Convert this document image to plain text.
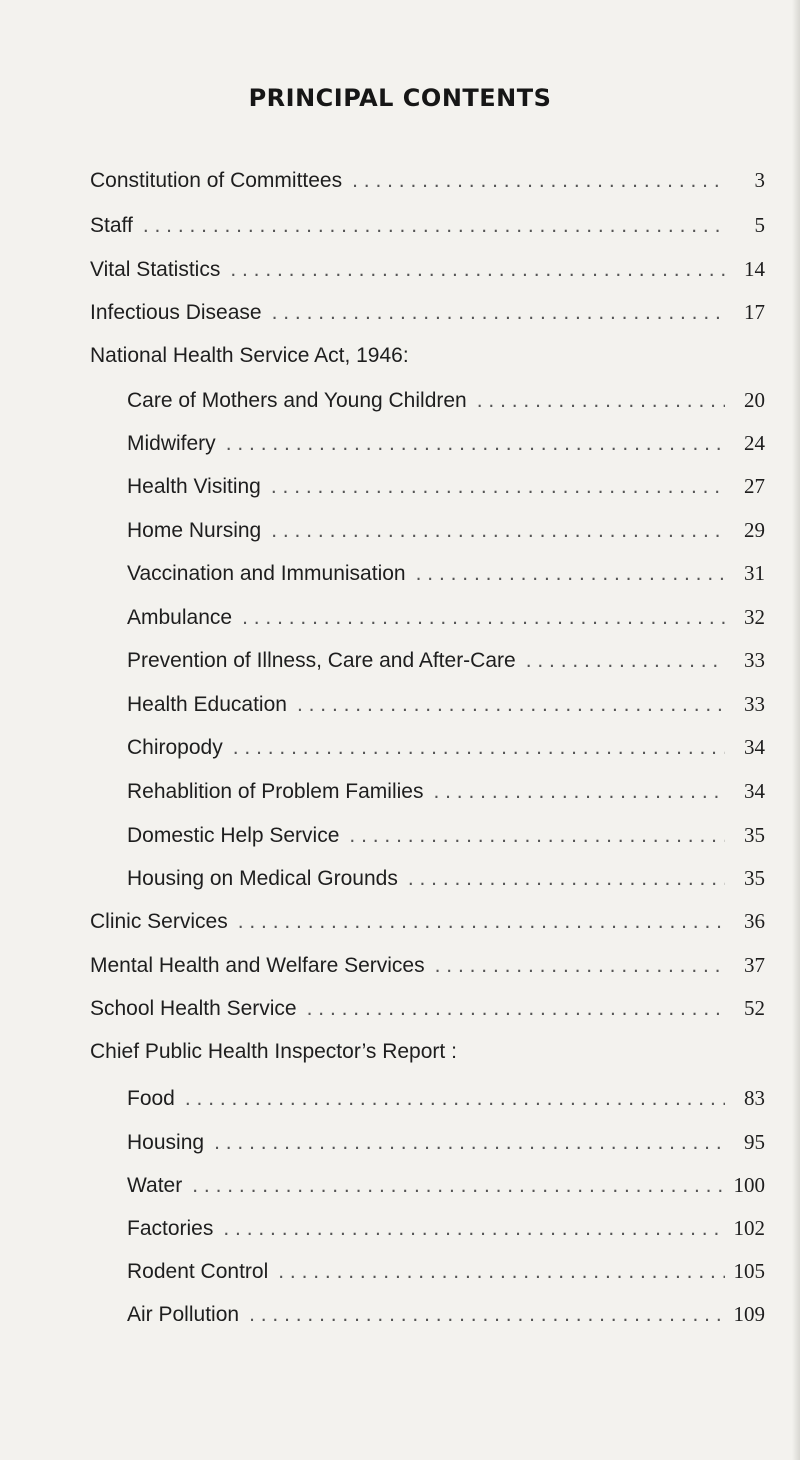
PRINCIPAL CONTENTS
Constitution of Committees . . .	3
Staff . . .	5
Vital Statistics . . .	14
Infectious Disease . . .	17
National Health Service Act, 1946:
Care of Mothers and Young Children . . .	20
Midwifery . . .	24
Health Visiting . . .	27
Home Nursing . . .	29
Vaccination and Immunisation . . .	31
Ambulance . . .	32
Prevention of Illness, Care and After-Care . . .	33
Health Education . . .	33
Chiropody . . .	34
Rehablition of Problem Families . . .	34
Domestic Help Service . . .	35
Housing on Medical Grounds . . .	35
Clinic Services . . .	36
Mental Health and Welfare Services . . .	37
School Health Service . . .	52
Chief Public Health Inspector’s Report :
Food . . .	83
Housing . . .	95
Water . . .	100
Factories . . .	102
Rodent Control . . .	105
Air Pollution . . .	109
